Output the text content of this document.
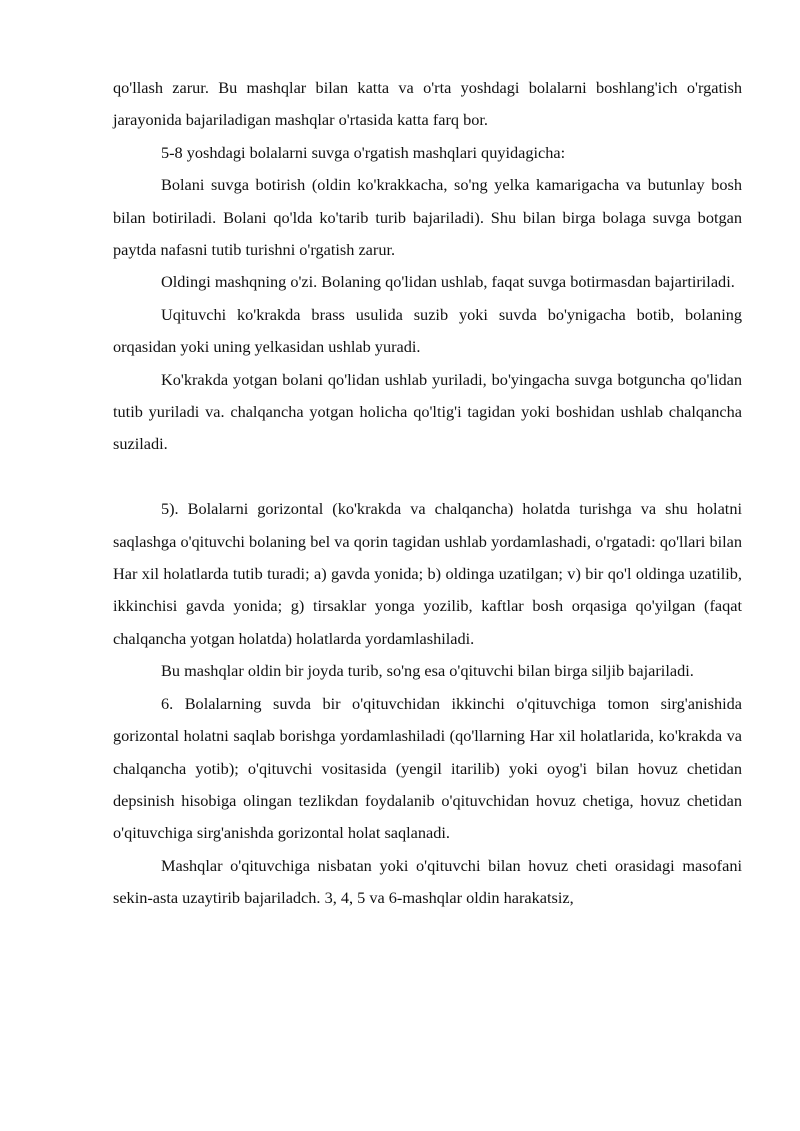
qo'llash zarur. Bu mashqlar bilan katta va o'rta yoshdagi bolalarni boshlang'ich o'rgatish jarayonida bajariladigan mashqlar o'rtasida katta farq bor.

5-8 yoshdagi bolalarni suvga o'rgatish mashqlari quyidagicha:

Bolani suvga botirish (oldin ko'krakkacha, so'ng yelka kamarigacha va butunlay bosh bilan botiriladi. Bolani qo'lda ko'tarib turib bajariladi). Shu bilan birga bolaga suvga botgan paytda nafasni tutib turishni o'rgatish zarur.

Oldingi mashqning o'zi. Bolaning qo'lidan ushlab, faqat suvga botirmasdan bajartiriladi.

Uqituvchi ko'krakda brass usulida suzib yoki suvda bo'ynigacha botib, bolaning orqasidan yoki uning yelkasidan ushlab yuradi.

Ko'krakda yotgan bolani qo'lidan ushlab yuriladi, bo'yingacha suvga botguncha qo'lidan tutib yuriladi va. chalqancha yotgan holicha qo'ltig'i tagidan yoki boshidan ushlab chalqancha suziladi.

5). Bolalarni gorizontal (ko'krakda va chalqancha) holatda turishga va shu holatni saqlashga o'qituvchi bolaning bel va qorin tagidan ushlab yordamlashadi, o'rgatadi: qo'llari bilan Har xil holatlarda tutib turadi; a) gavda yonida; b) oldinga uzatilgan; v) bir qo'l oldinga uzatilib, ikkinchisi gavda yonida; g) tirsaklar yonga yozilib, kaftlar bosh orqasiga qo'yilgan (faqat chalqancha yotgan holatda) holatlarda yordamlashiladi.

Bu mashqlar oldin bir joyda turib, so'ng esa o'qituvchi bilan birga siljib bajariladi.

6. Bolalarning suvda bir o'qituvchidan ikkinchi o'qituvchiga tomon sirg'anishida gorizontal holatni saqlab borishga yordamlashiladi (qo'llarning Har xil holatlarida, ko'krakda va chalqancha yotib); o'qituvchi vositasida (yengil itarilib) yoki oyog'i bilan hovuz chetidan depsinish hisobiga olingan tezlikdan foydalanib o'qituvchidan hovuz chetiga, hovuz chetidan o'qituvchiga sirg'anishda gorizontal holat saqlanadi.

Mashqlar o'qituvchiga nisbatan yoki o'qituvchi bilan hovuz cheti orasidagi masofani sekin-asta uzaytirib bajariladch. 3, 4, 5 va 6-mashqlar oldin harakatsiz,
